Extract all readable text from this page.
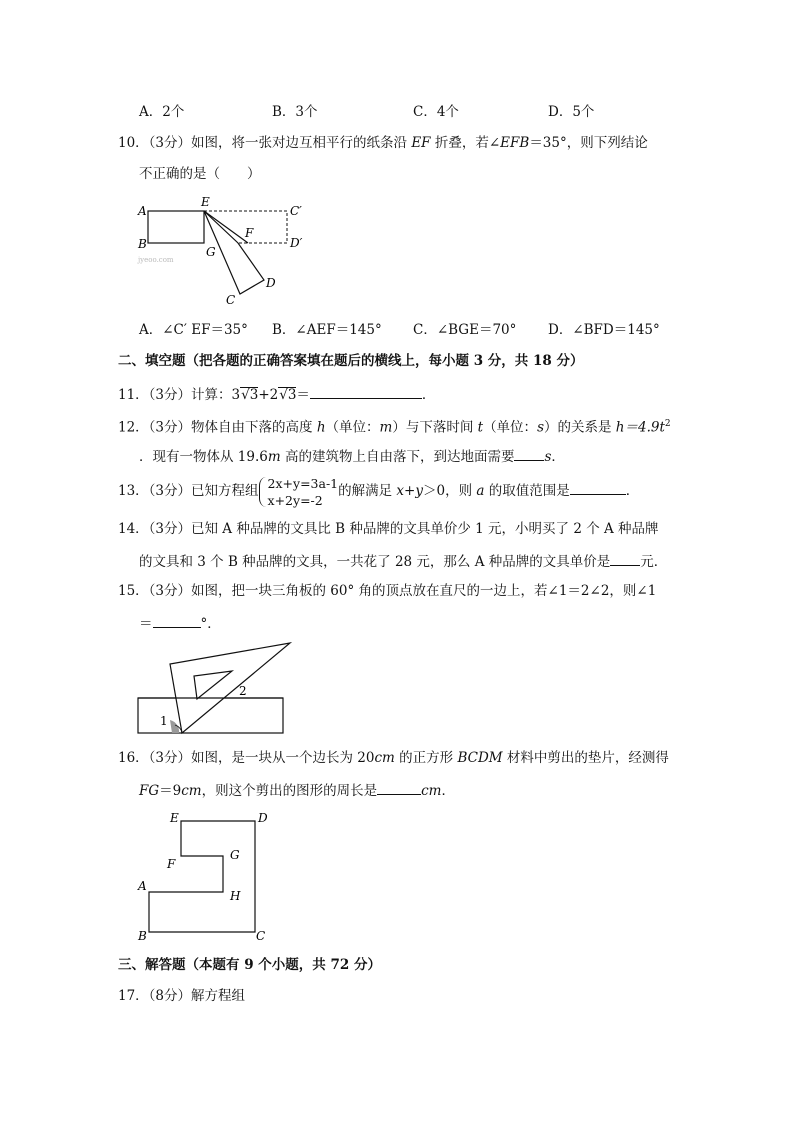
A．2个	B．3个	C．4个	D．5个
10．（3分）如图，将一张对边互相平行的纸条沿 EF 折叠，若∠EFB＝35°，则下列结论
不正确的是（　　）
A
B
E
C′
F
D′
G
D
C
jyeoo.com
A．∠C′ EF＝35° B．∠AEF＝145° C．∠BGE＝70° D．∠BFD＝145°
二、填空题（把各题的正确答案填在题后的横线上，每小题 3 分，共 18 分）
11．（3分）计算：3√3+2√3＝	．
12．（3分）物体自由下落的高度 h（单位：m）与下落时间 t（单位：s）的关系是 $h=4.9t^2$
．现有一物体从 19.6m 高的建筑物上自由落下，到达地面需要 s．
13．（3分）已知方程组 2x+y=3a-1
x+2y=-2
的解满足 x+y＞0，则 a 的取值范围是	．
14．（3分）已知 A 种品牌的文具比 B 种品牌的文具单价少 1 元，小明买了 2 个 A 种品牌
的文具和 3 个 B 种品牌的文具，一共花了 28 元，那么 A 种品牌的文具单价是 元．
15．（3分）如图，把一块三角板的 60° 角的顶点放在直尺的一边上，若∠1＝2∠2，则∠1
＝	°．
1
2
16．（3分）如图，是一块从一个边长为 20cm 的正方形 BCDM 材料中剪出的垫片，经测得
FG＝9cm，则这个剪出的图形的周长是	cm．
E	D
G
F
A
H
B	C
三、解答题（本题有 9 个小题，共 72 分）
17．（8分）解方程组
